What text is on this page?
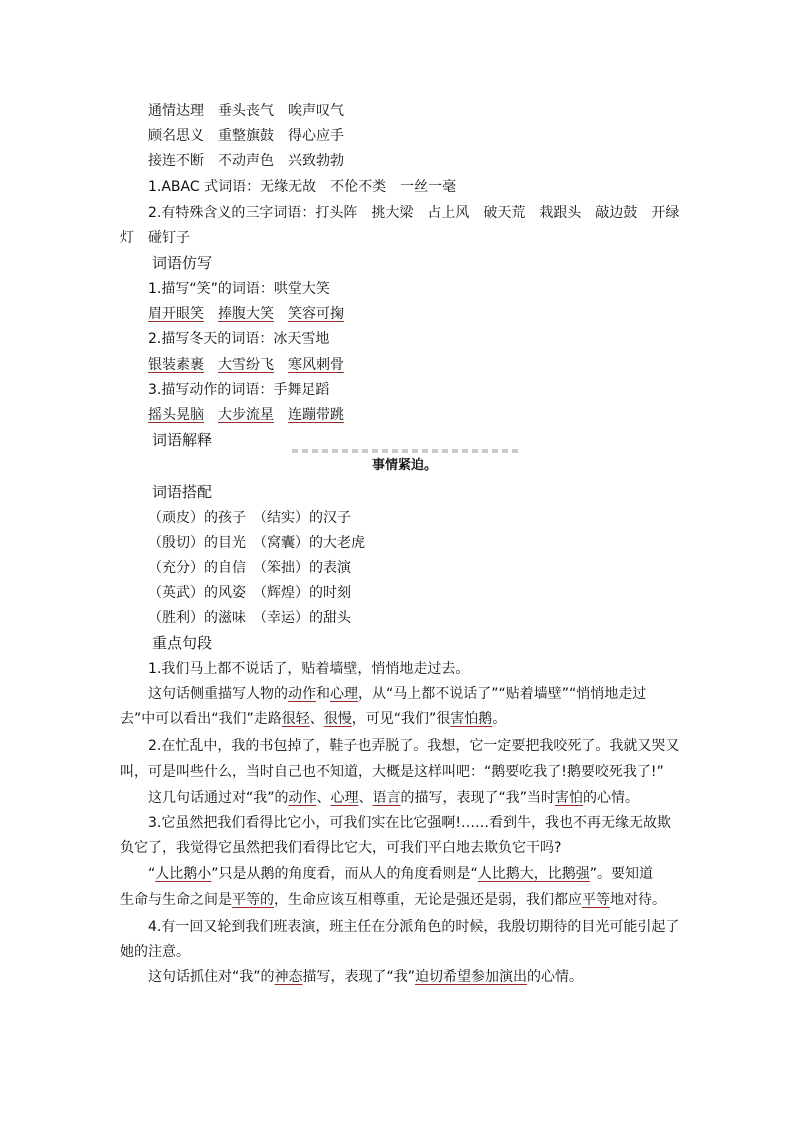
通情达理　垂头丧气　唉声叹气
顾名思义　重整旗鼓　得心应手
接连不断　不动声色　兴致勃勃
1.ABAC 式词语：无缘无故　不伦不类　一丝一毫
2.有特殊含义的三字词语：打头阵　挑大梁　占上风　破天荒　栽跟头　敲边鼓　开绿
灯　碰钉子
词语仿写
1.描写“笑”的词语：哄堂大笑
眉开眼笑　 捧腹大笑　 笑容可掬
2.描写冬天的词语：冰天雪地
银装素裹　 大雪纷飞　 寒风刺骨
3.描写动作的词语：手舞足蹈
摇头晃脑　 大步流星　 连蹦带跳
词语解释
事情紧迫。
词语搭配
（顽皮）的孩子　 （结实）的汉子
（殷切）的目光　 （窝囊）的大老虎
（充分）的自信　 （笨拙）的表演
（英武）的风姿　 （辉煌）的时刻
（胜利）的滋味　 （幸运）的甜头
重点句段
1.我们马上都不说话了，贴着墙壁，悄悄地走过去。
这句话侧重描写人物的动作和心理，从“马上都不说话了”“贴着墙壁”“悄悄地走过
去”中可以看出“我们”走路很轻、很慢，可见“我们”很害怕鹅。
2.在忙乱中，我的书包掉了，鞋子也弄脱了。我想，它一定要把我咬死了。我就又哭又
叫，可是叫些什么，当时自己也不知道，大概是这样叫吧：“鹅要吃我了!鹅要咬死我了!”
这几句话通过对“我”的动作、心理、语言的描写，表现了“我”当时害怕的心情。
3.它虽然把我们看得比它小，可我们实在比它强啊!……看到牛，我也不再无缘无故欺
负它了，我觉得它虽然把我们看得比它大，可我们平白地去欺负它干吗?
“人比鹅小”只是从鹅的角度看，而从人的角度看则是“人比鹅大，比鹅强”。要知道
生命与生命之间是平等的，生命应该互相尊重，无论是强还是弱，我们都应平等地对待。
4.有一回又轮到我们班表演，班主任在分派角色的时候，我殷切期待的目光可能引起了
她的注意。
这句话抓住对“我”的神态描写，表现了“我”迫切希望参加演出的心情。
